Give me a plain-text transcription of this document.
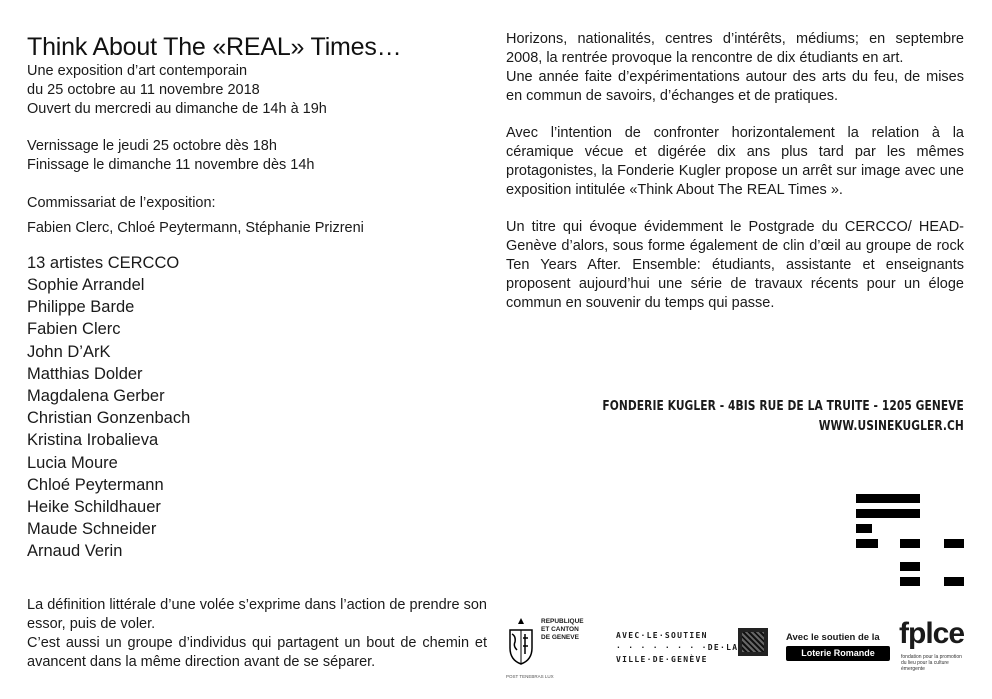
Think About The «REAL» Times…

Une exposition d’art contemporain

du 25 octobre au 11 novembre 2018

Ouvert du mercredi au dimanche de 14h à 19h

Vernissage le jeudi 25 octobre dès 18h

Finissage le dimanche 11 novembre dès 14h

Commissariat de l’exposition:
Fabien Clerc, Chloé Peytermann, Stéphanie Prizreni
13 artistes CERCCO
Sophie Arrandel
Philippe Barde
Fabien Clerc
John D’ArK
Matthias Dolder
Magdalena Gerber
Christian Gonzenbach
Kristina Irobalieva
Lucia Moure
Chloé Peytermann
Heike Schildhauer
Maude Schneider
Arnaud Verin

La définition littérale d’une volée s’exprime dans l’action de prendre son essor, puis de voler.

C’est aussi un groupe d’individus qui partagent un bout de chemin et avancent dans la même direction avant de se séparer.

Horizons, nationalités, centres d’intérêts, médiums; en septembre 2008, la rentrée provoque la rencontre de dix étudiants en art.

Une année faite d’expérimentations autour des arts du feu, de mises en commun de savoirs, d’échanges et de pratiques.

Avec l’intention de confronter horizontalement la relation à la céramique vécue et digérée dix ans plus tard par les mêmes protagonistes, la Fonderie Kugler propose un arrêt sur image avec une exposition intitulée «Think About The REAL Times ».

Un titre qui évoque évidemment le Postgrade du CERCCO/ HEAD-Genève d’alors, sous forme également de clin d’œil au groupe de rock Ten Years After. Ensemble: étudiants, assistante et enseignants proposent aujourd’hui une série de travaux récents pour un éloge commun en souvenir du temps qui passe.

FONDERIE KUGLER - 4BIS RUE DE LA TRUITE - 1205 GENEVE
WWW.USINEKUGLER.CH
REPUBLIQUE
ET CANTON
DE GENEVE
POST TENEBRAS LUX
AVEC·LE·SOUTIEN
· · · · · · · ·DE·LA
VILLE·DE·GENÈVE
Avec le soutien de la
Loterie Romande
fplce
fondation pour la promotion du lieu pour la culture émergente
